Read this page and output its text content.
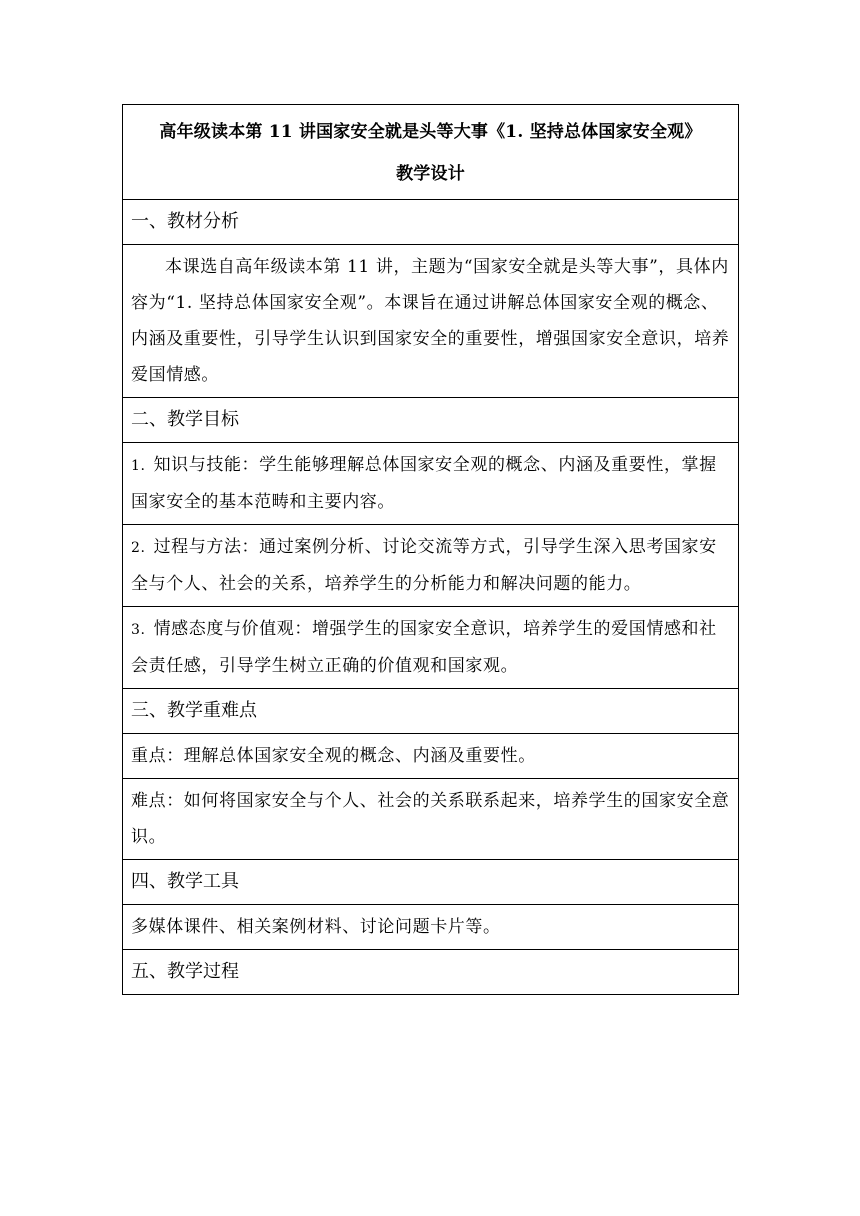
高年级读本第 11 讲国家安全就是头等大事《1. 坚持总体国家安全观》
教学设计

一、教材分析
本课选自高年级读本第 11 讲，主题为“国家安全就是头等大事”，具体内容为“1. 坚持总体国家安全观”。本课旨在通过讲解总体国家安全观的概念、内涵及重要性，引导学生认识到国家安全的重要性，增强国家安全意识，培养爱国情感。
二、教学目标
1. 知识与技能：学生能够理解总体国家安全观的概念、内涵及重要性，掌握国家安全的基本范畴和主要内容。
2. 过程与方法：通过案例分析、讨论交流等方式，引导学生深入思考国家安全与个人、社会的关系，培养学生的分析能力和解决问题的能力。
3. 情感态度与价值观：增强学生的国家安全意识，培养学生的爱国情感和社会责任感，引导学生树立正确的价值观和国家观。
三、教学重难点
重点：理解总体国家安全观的概念、内涵及重要性。
难点：如何将国家安全与个人、社会的关系联系起来，培养学生的国家安全意识。
四、教学工具
多媒体课件、相关案例材料、讨论问题卡片等。
五、教学过程
